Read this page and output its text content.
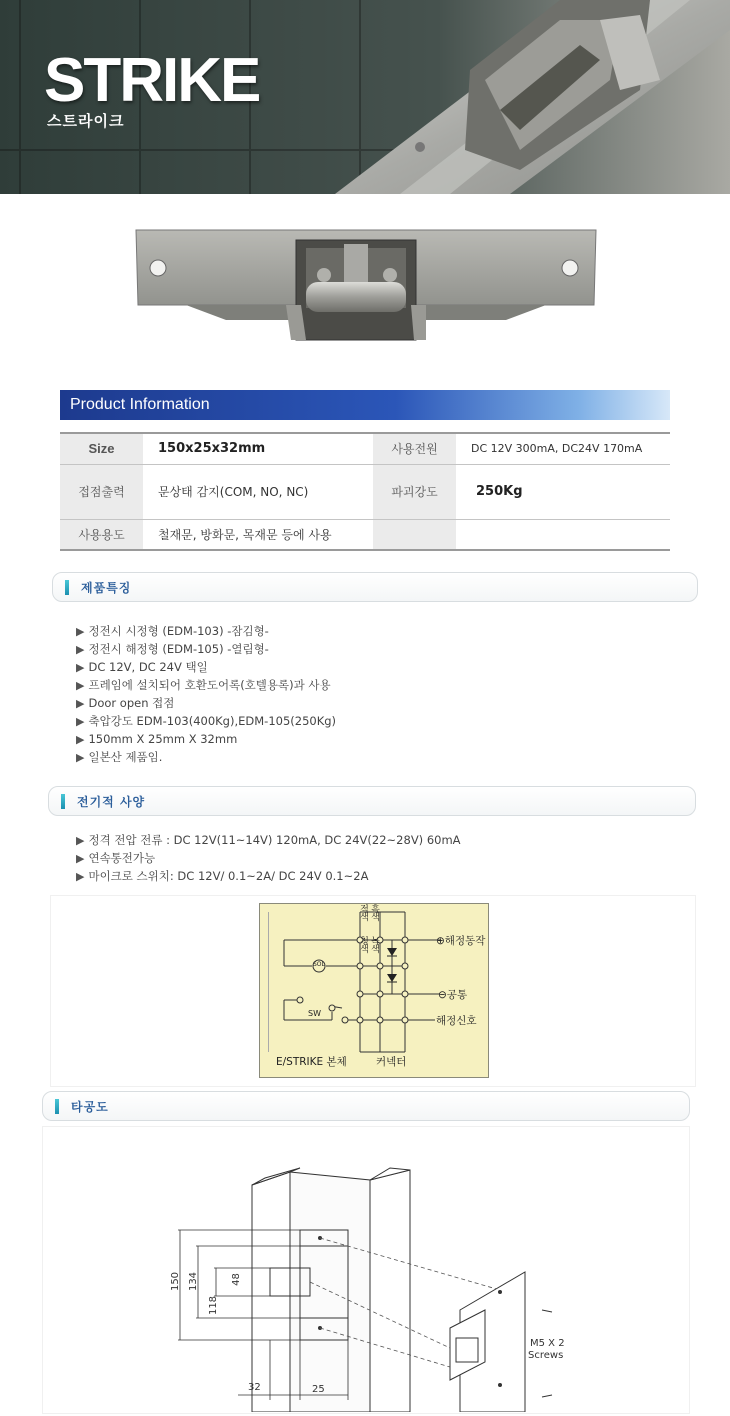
STRIKE
스트라이크
Product Information
Size	150x25x32mm	사용전원	DC 12V 300mA, DC24V 170mA
접점출력	문상태 감지(COM, NO, NC)	파괴강도	250Kg
사용용도	철재문, 방화문, 목재문 등에 사용		
제품특징
▶ 정전시 시정형 (EDM-103) -잠김형-
▶ 정전시 해정형 (EDM-105) -열림형-
▶ DC 12V, DC 24V 택일
▶ 프레임에 설치되어 호환도어록(호텔용록)과 사용
▶ Door open 접점
▶ 축압강도 EDM-103(400Kg),EDM-105(250Kg)
▶ 150mm X 25mm X 32mm
▶ 일본산 제품임.
전기적 사양
▶ 정격 전압 전류 : DC 12V(11~14V) 120mA, DC 24V(22~28V) 60mA
▶ 연속통전가능
▶ 마이크로 스위치: DC 12V/ 0.1~2A/ DC 24V 0.1~2A
적색 흑색
청색 녹색
SOL
SW
⊕해정동작
⊖공통
해정신호
E/STRIKE 본체	커넥터
타공도
150 134
118
48
32	25
M5 X 2
Screws
